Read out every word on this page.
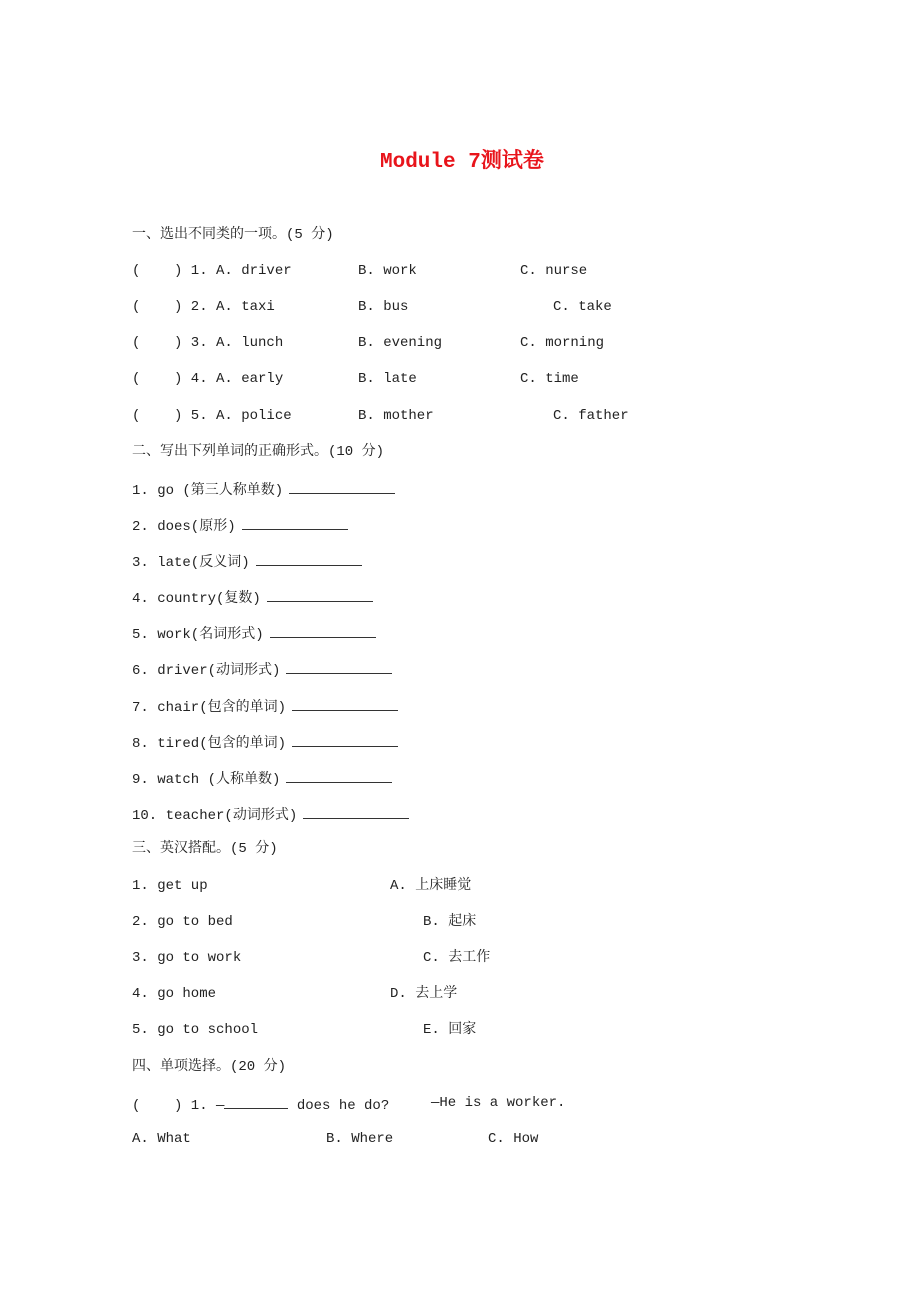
Module 7测试卷
一、选出不同类的一项。(5 分)
(    ) 1. A. driver	B. work	C. nurse
(    ) 2. A. taxi	B. bus	C. take
(    ) 3. A. lunch	B. evening	C. morning
(    ) 4. A. early	B. late	C. time
(    ) 5. A. police	B. mother	C. father
二、写出下列单词的正确形式。(10 分)
1. go (第三人称单数)
2. does(原形)
3. late(反义词)
4. country(复数)
5. work(名词形式)
6. driver(动词形式)
7. chair(包含的单词)
8. tired(包含的单词)
9. watch (人称单数)
10. teacher(动词形式)
三、英汉搭配。(5 分)
1. get up	A. 上床睡觉
2. go to bed	B. 起床
3. go to work	C. 去工作
4. go home	D. 去上学
5. go to school	E. 回家
四、单项选择。(20 分)
(    ) 1. —	does he do?	—He is a worker.
A. What	B. Where	C. How
